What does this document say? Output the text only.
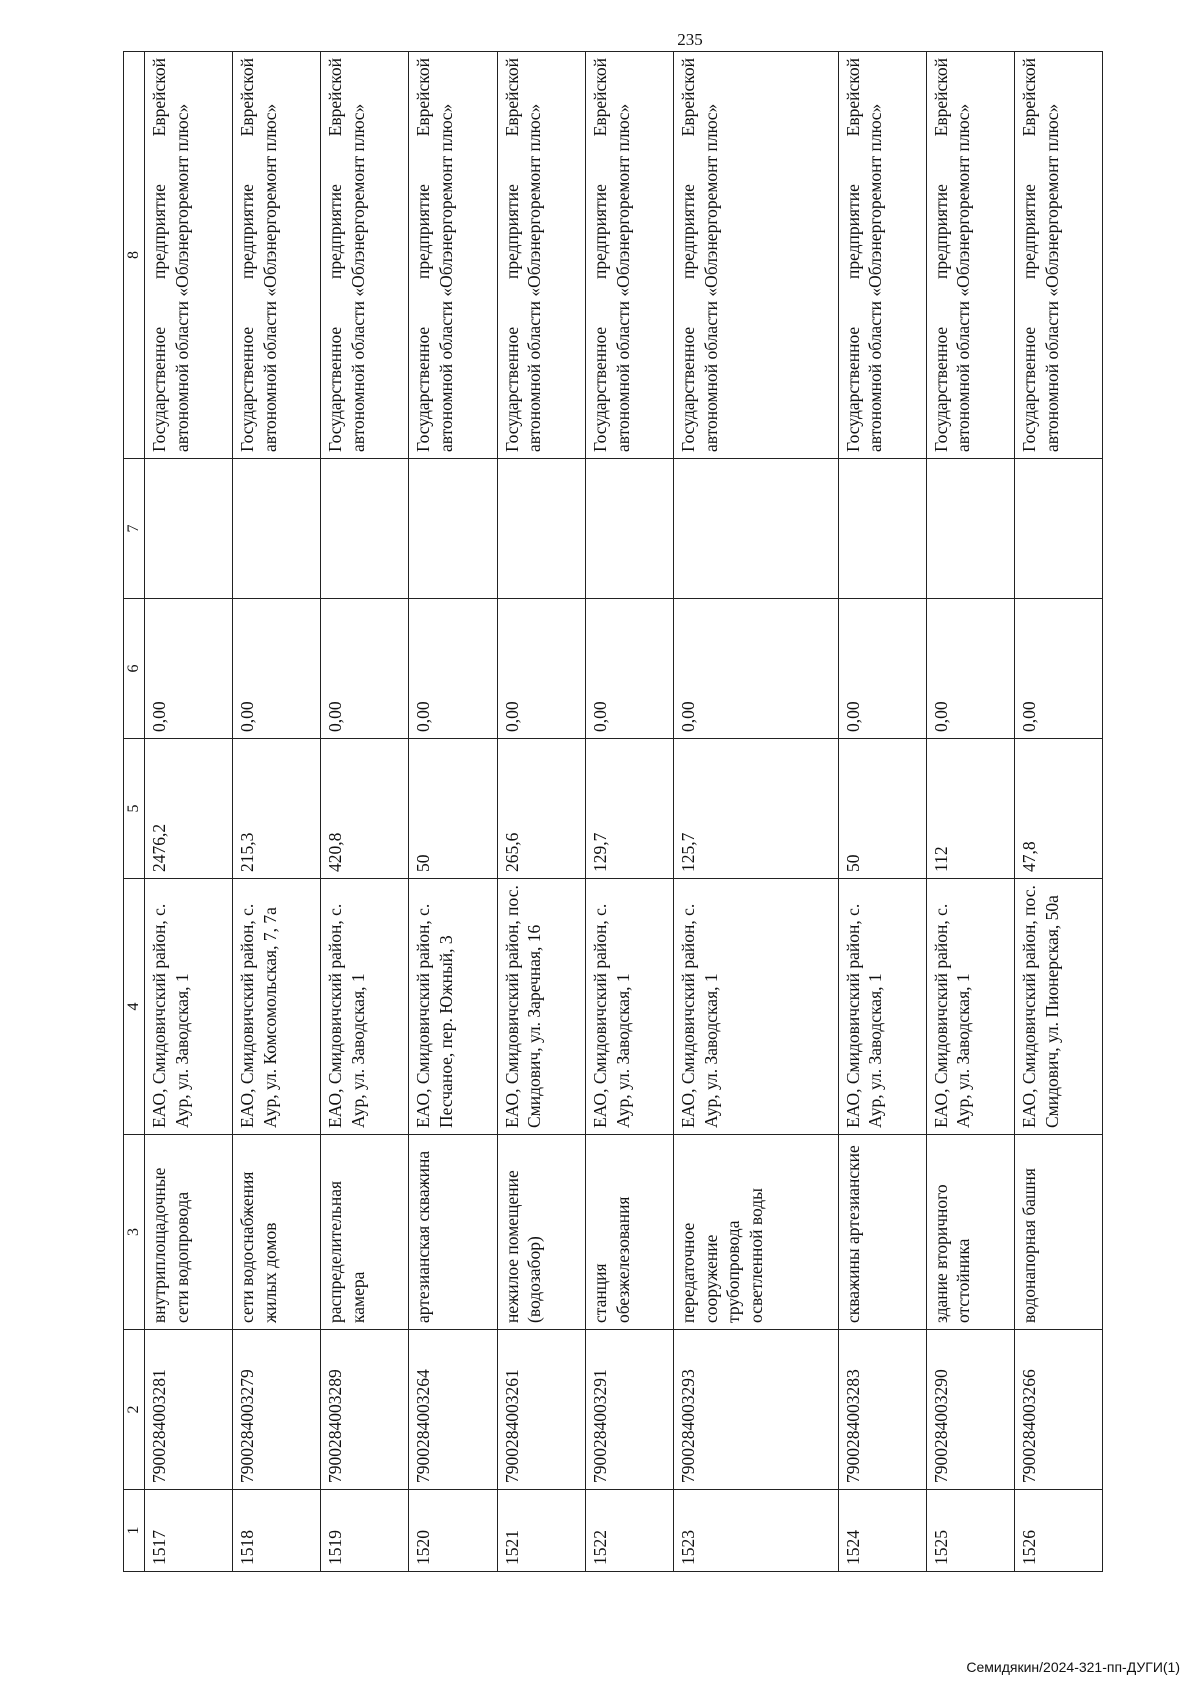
235
1	2	3	4	5	6	7	8
1517	7900284003281	внутриплощадочные сети водопровода	ЕАО, Смидовичский район, с. Аур, ул. Заводская, 1	2476,2	0,00		Государственное предприятие Еврейской автономной области «Облэнергоремонт плюс»
1518	7900284003279	сети водоснабжения жилых домов	ЕАО, Смидовичский район, с. Аур, ул. Комсомольская, 7, 7а	215,3	0,00		Государственное предприятие Еврейской автономной области «Облэнергоремонт плюс»
1519	7900284003289	распределительная камера	ЕАО, Смидовичский район, с. Аур, ул. Заводская, 1	420,8	0,00		Государственное предприятие Еврейской автономной области «Облэнергоремонт плюс»
1520	7900284003264	артезианская скважина	ЕАО, Смидовичский район, с. Песчаное, пер. Южный, 3	50	0,00		Государственное предприятие Еврейской автономной области «Облэнергоремонт плюс»
1521	7900284003261	нежилое помещение (водозабор)	ЕАО, Смидовичский район, пос. Смидович, ул. Заречная, 16	265,6	0,00		Государственное предприятие Еврейской автономной области «Облэнергоремонт плюс»
1522	7900284003291	станция обезжелезования	ЕАО, Смидовичский район, с. Аур, ул. Заводская, 1	129,7	0,00		Государственное предприятие Еврейской автономной области «Облэнергоремонт плюс»
1523	7900284003293	передаточное сооружение трубопровода осветленной воды	ЕАО, Смидовичский район, с. Аур, ул. Заводская, 1	125,7	0,00		Государственное предприятие Еврейской автономной области «Облэнергоремонт плюс»
1524	7900284003283	скважины артезианские	ЕАО, Смидовичский район, с. Аур, ул. Заводская, 1	50	0,00		Государственное предприятие Еврейской автономной области «Облэнергоремонт плюс»
1525	7900284003290	здание вторичного отстойника	ЕАО, Смидовичский район, с. Аур, ул. Заводская, 1	112	0,00		Государственное предприятие Еврейской автономной области «Облэнергоремонт плюс»
1526	7900284003266	водонапорная башня	ЕАО, Смидовичский район, пос. Смидович, ул. Пионерская, 50а	47,8	0,00		Государственное предприятие Еврейской автономной области «Облэнергоремонт плюс»
Семидякин/2024-321-пп-ДУГИ(1)
